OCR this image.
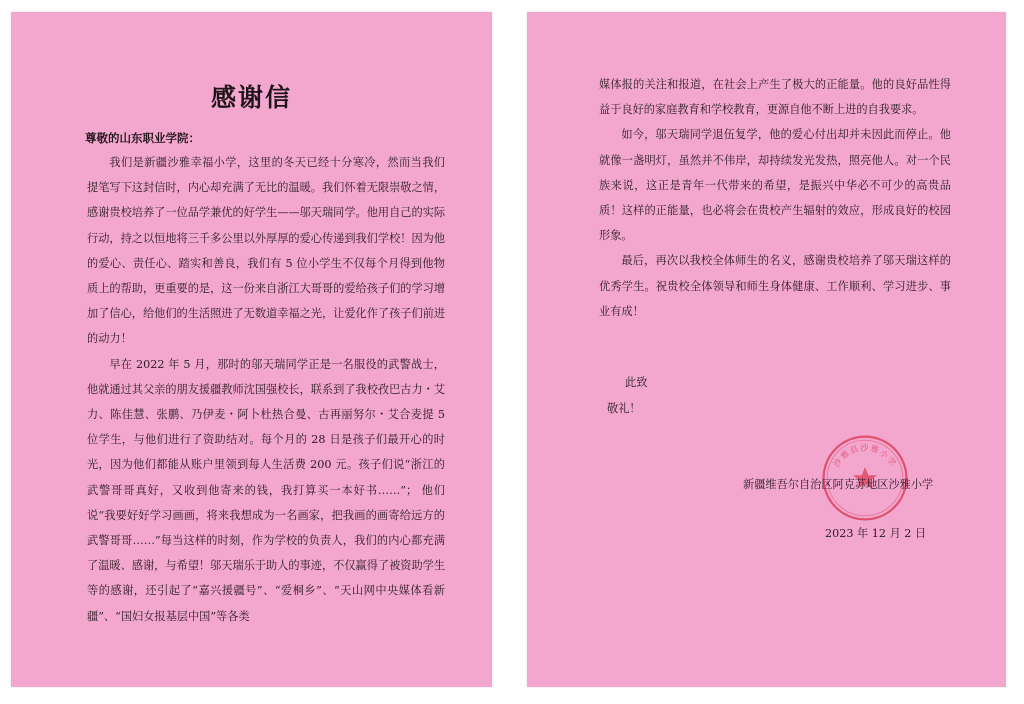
感谢信
尊敬的山东职业学院：

我们是新疆沙雅幸福小学，这里的冬天已经十分寒冷，然而当我们提笔写下这封信时，内心却充满了无比的温暖。我们怀着无限崇敬之情，感谢贵校培养了一位品学兼优的好学生——邬天瑞同学。他用自己的实际行动，持之以恒地将三千多公里以外厚厚的爱心传递到我们学校！因为他的爱心、责任心、踏实和善良，我们有 5 位小学生不仅每个月得到他物质上的帮助，更重要的是，这一份来自浙江大哥哥的爱给孩子们的学习增加了信心，给他们的生活照进了无数道幸福之光，让爱化作了孩子们前进的动力！

早在 2022 年 5 月，那时的邬天瑞同学正是一名服役的武警战士，他就通过其父亲的朋友援疆教师沈国强校长，联系到了我校孜巴古力・艾力、陈佳慧、张鹏、乃伊麦・阿卜杜热合曼、古再丽努尔・艾合麦提 5 位学生，与他们进行了资助结对。每个月的 28 日是孩子们最开心的时光，因为他们都能从账户里领到每人生活费 200 元。孩子们说“浙江的武警哥哥真好，又收到他寄来的钱，我打算买一本好书……”； 他们说“我要好好学习画画，将来我想成为一名画家，把我画的画寄给远方的武警哥哥……”每当这样的时刻，作为学校的负责人，我们的内心都充满了温暖、感谢，与希望！邬天瑞乐于助人的事迹，不仅赢得了被资助学生等的感谢，还引起了“嘉兴援疆号”、“爱桐乡”、“天山网中央媒体看新疆”、“国妇女报基层中国”等各类

媒体报的关注和报道，在社会上产生了极大的正能量。他的良好品性得益于良好的家庭教育和学校教育，更源自他不断上进的自我要求。

如今，邬天瑞同学退伍复学，他的爱心付出却并未因此而停止。他就像一盏明灯，虽然并不伟岸，却持续发光发热，照亮他人。对一个民族来说，这正是青年一代带来的希望，是振兴中华必不可少的高贵品质！这样的正能量，也必将会在贵校产生辐射的效应，形成良好的校园形象。

最后，再次以我校全体师生的名义，感谢贵校培养了邬天瑞这样的优秀学生。祝贵校全体领导和师生身体健康、工作顺利、学习进步、事业有成！

此致
敬礼！
沙雅县沙雅小学
新疆维吾尔自治区阿克苏地区沙雅小学
2023 年 12 月 2 日
